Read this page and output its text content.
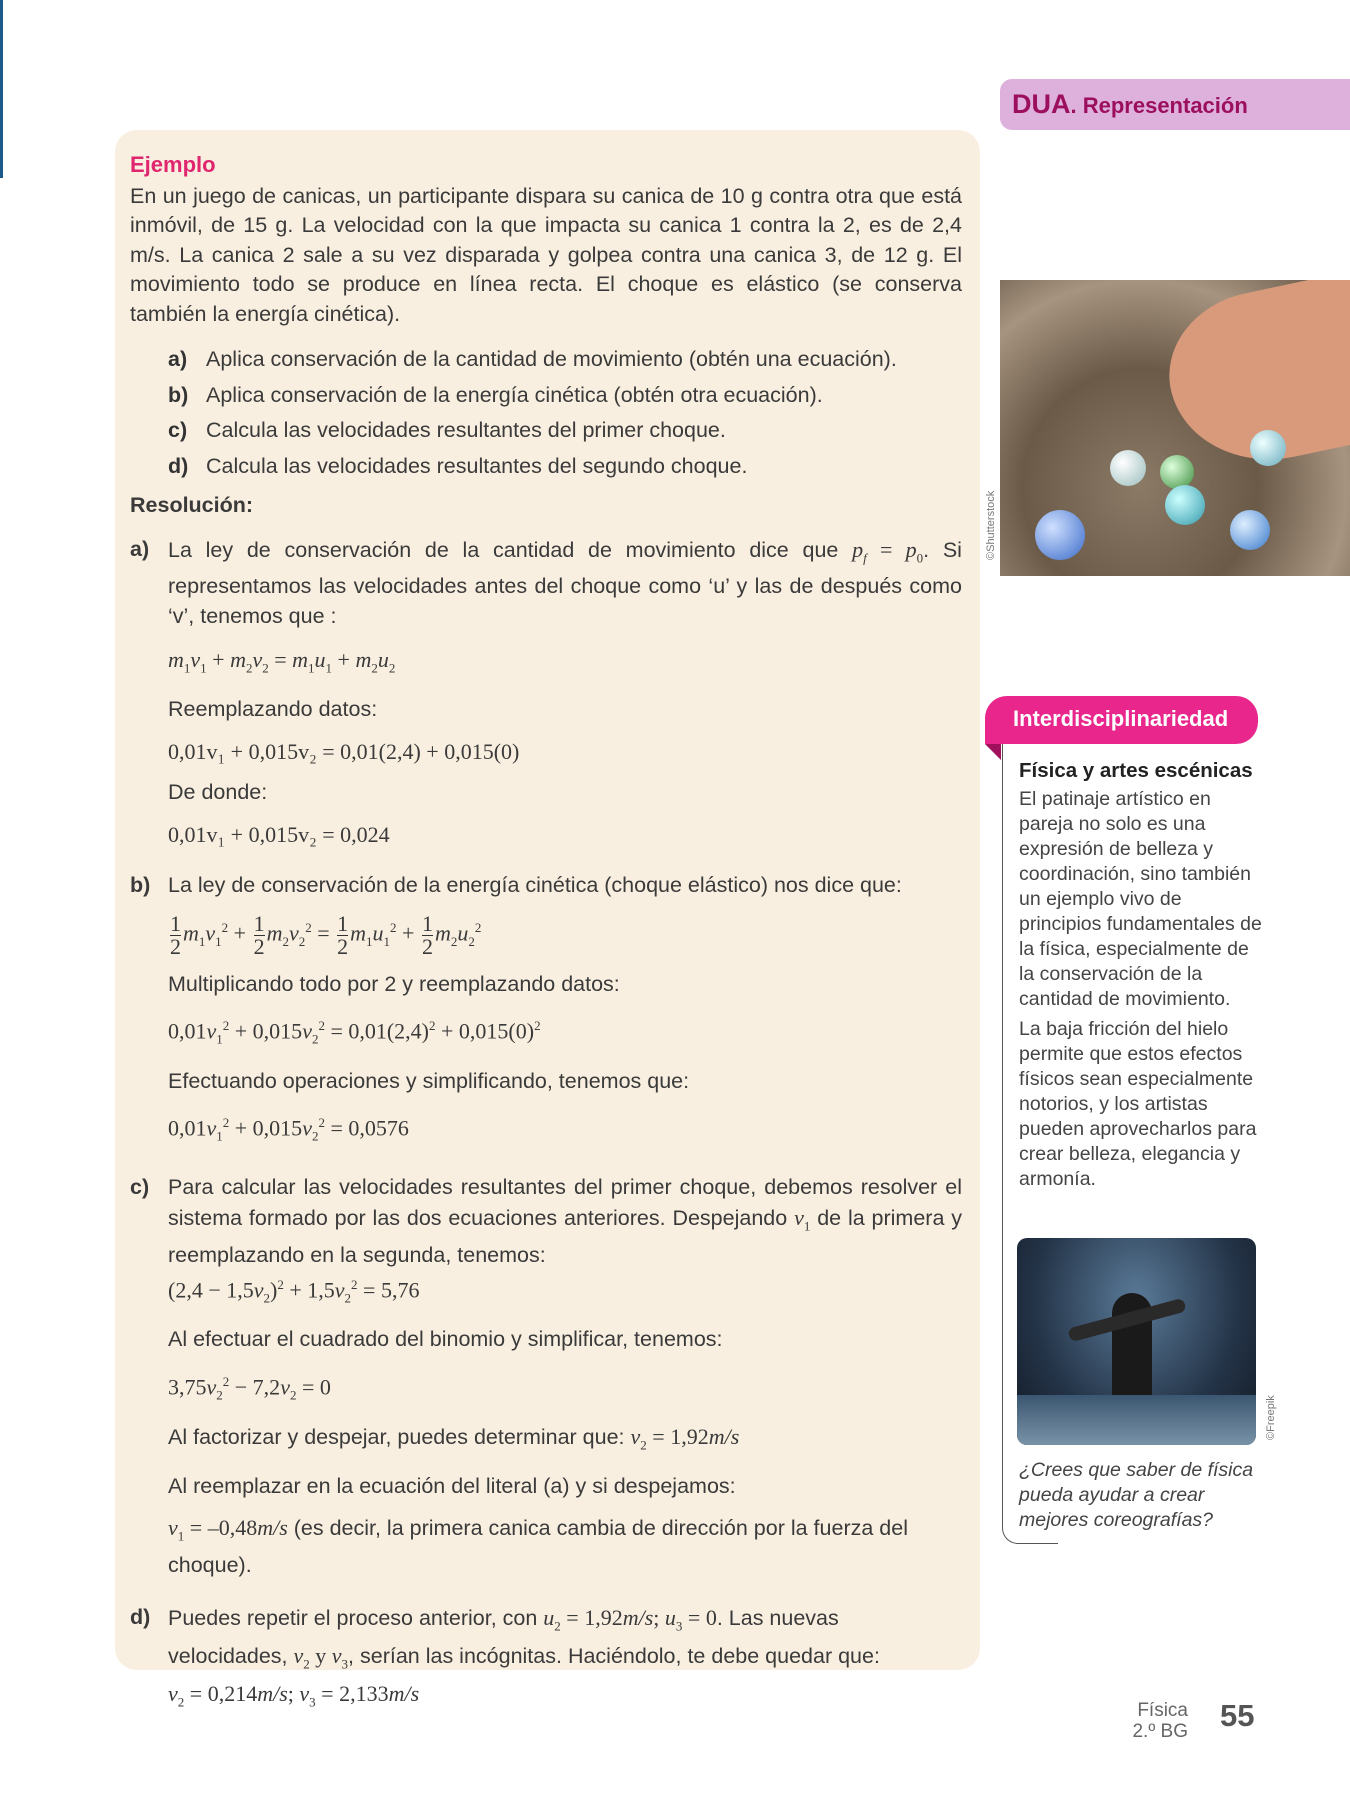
DUA. Representación
Ejemplo
En un juego de canicas, un participante dispara su canica de 10 g contra otra que está inmóvil, de 15 g. La velocidad con la que impacta su canica 1 contra la 2, es de 2,4 m/s. La canica 2 sale a su vez disparada y golpea contra una canica 3, de 12 g. El movimiento todo se produce en línea recta. El choque es elástico (se conserva también la energía cinética).
a) Aplica conservación de la cantidad de movimiento (obtén una ecuación).
b) Aplica conservación de la energía cinética (obtén otra ecuación).
c) Calcula las velocidades resultantes del primer choque.
d) Calcula las velocidades resultantes del segundo choque.
Resolución:
a) La ley de conservación de la cantidad de movimiento dice que $p_f = p_0$. Si representamos las velocidades antes del choque como ‘u’ y las de después como ‘v’, tenemos que :
$m_1v_1 + m_2v_2 = m_1u_1 + m_2u_2$
Reemplazando datos:
0,01v₁ + 0,015v₂ = 0,01(2,4) + 0,015(0)
De donde:
0,01v₁ + 0,015v₂ = 0,024
b) La ley de conservación de la energía cinética (choque elástico) nos dice que:
$\frac{1}{2} m_1v_1^2 + \frac{1}{2} m_2v_2^2 = \frac{1}{2} m_1u_1^2 + \frac{1}{2} m_2u_2^2$
Multiplicando todo por 2 y reemplazando datos:
$0,01v_1^2 + 0,015v_2^2 = 0,01(2,4)^2 + 0,015(0)^2$
Efectuando operaciones y simplificando, tenemos que:
$0,01v_1^2 + 0,015v_2^2 = 0,0576$
c) Para calcular las velocidades resultantes del primer choque, debemos resolver el sistema formado por las dos ecuaciones anteriores. Despejando $v_1$ de la primera y reemplazando en la segunda, tenemos:
$(2,4 - 1,5v_2)^2 + 1,5v_2^2 = 5,76$
Al efectuar el cuadrado del binomio y simplificar, tenemos:
$3,75v_2^2 - 7,2v_2 = 0$
Al factorizar y despejar, puedes determinar que: $v_2 = 1,92m/s$
Al reemplazar en la ecuación del literal (a) y si despejamos:
$v_1 = -0,48m/s$ (es decir, la primera canica cambia de dirección por la fuerza del choque).
d) Puedes repetir el proceso anterior, con $u_2 = 1,92m/s$; $u_3 = 0$. Las nuevas velocidades, $v_2$ y $v_3$, serían las incógnitas. Haciéndolo, te debe quedar que:
$v_2 = 0,214m/s$; $v_3 = 2,133m/s$
©Shutterstock
Interdisciplinariedad
Física y artes escénicas

El patinaje artístico en pareja no solo es una expresión de belleza y coordinación, sino también un ejemplo vivo de principios fundamentales de la física, especialmente de la conservación de la cantidad de movimiento.

La baja fricción del hielo permite que estos efectos físicos sean especialmente notorios, y los artistas pueden aprovecharlos para crear belleza, elegancia y armonía.

©Freepik
¿Crees que saber de física pueda ayudar a crear mejores coreografías?
Física
2.º BG 55
